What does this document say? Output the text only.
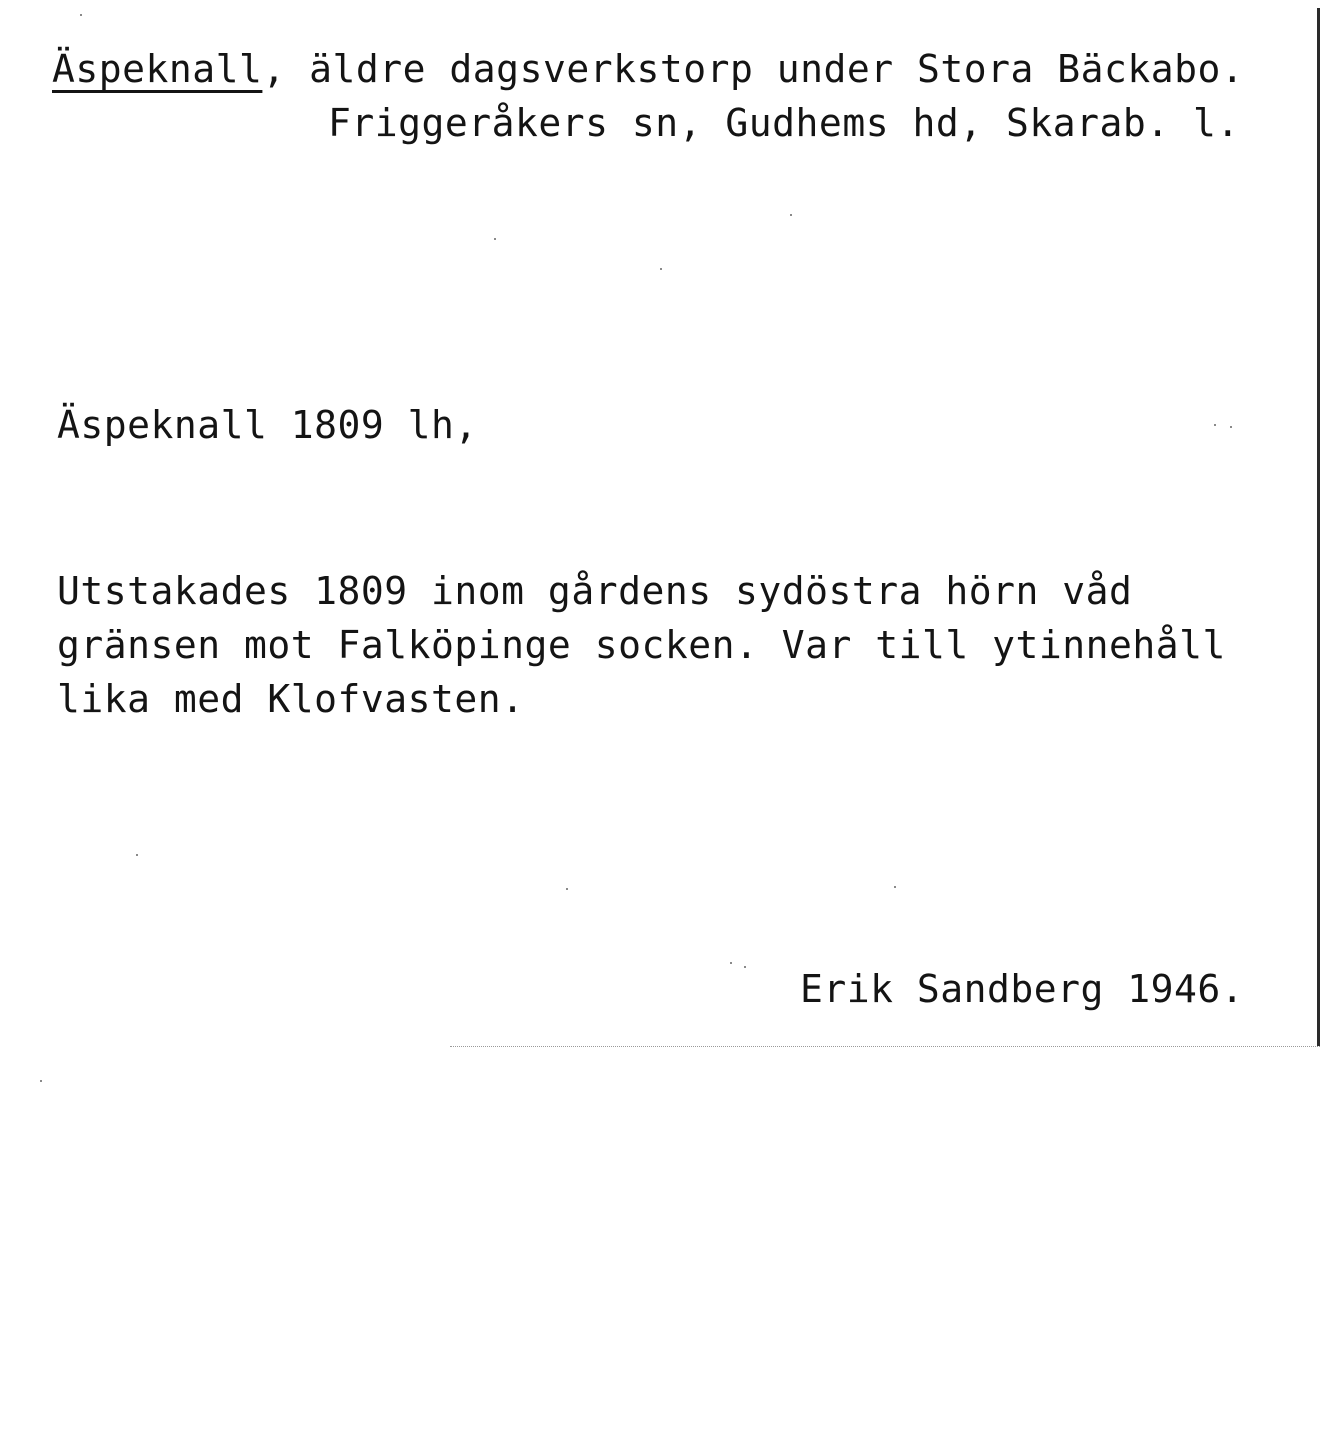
Äspeknall, äldre dagsverkstorp under Stora Bäckabo.
Friggeråkers sn, Gudhems hd, Skarab. l.
Äspeknall 1809 lh,
Utstakades 1809 inom gårdens sydöstra hörn våd
gränsen mot Falköpinge socken. Var till ytinnehåll
lika med Klofvasten.
Erik Sandberg 1946.
